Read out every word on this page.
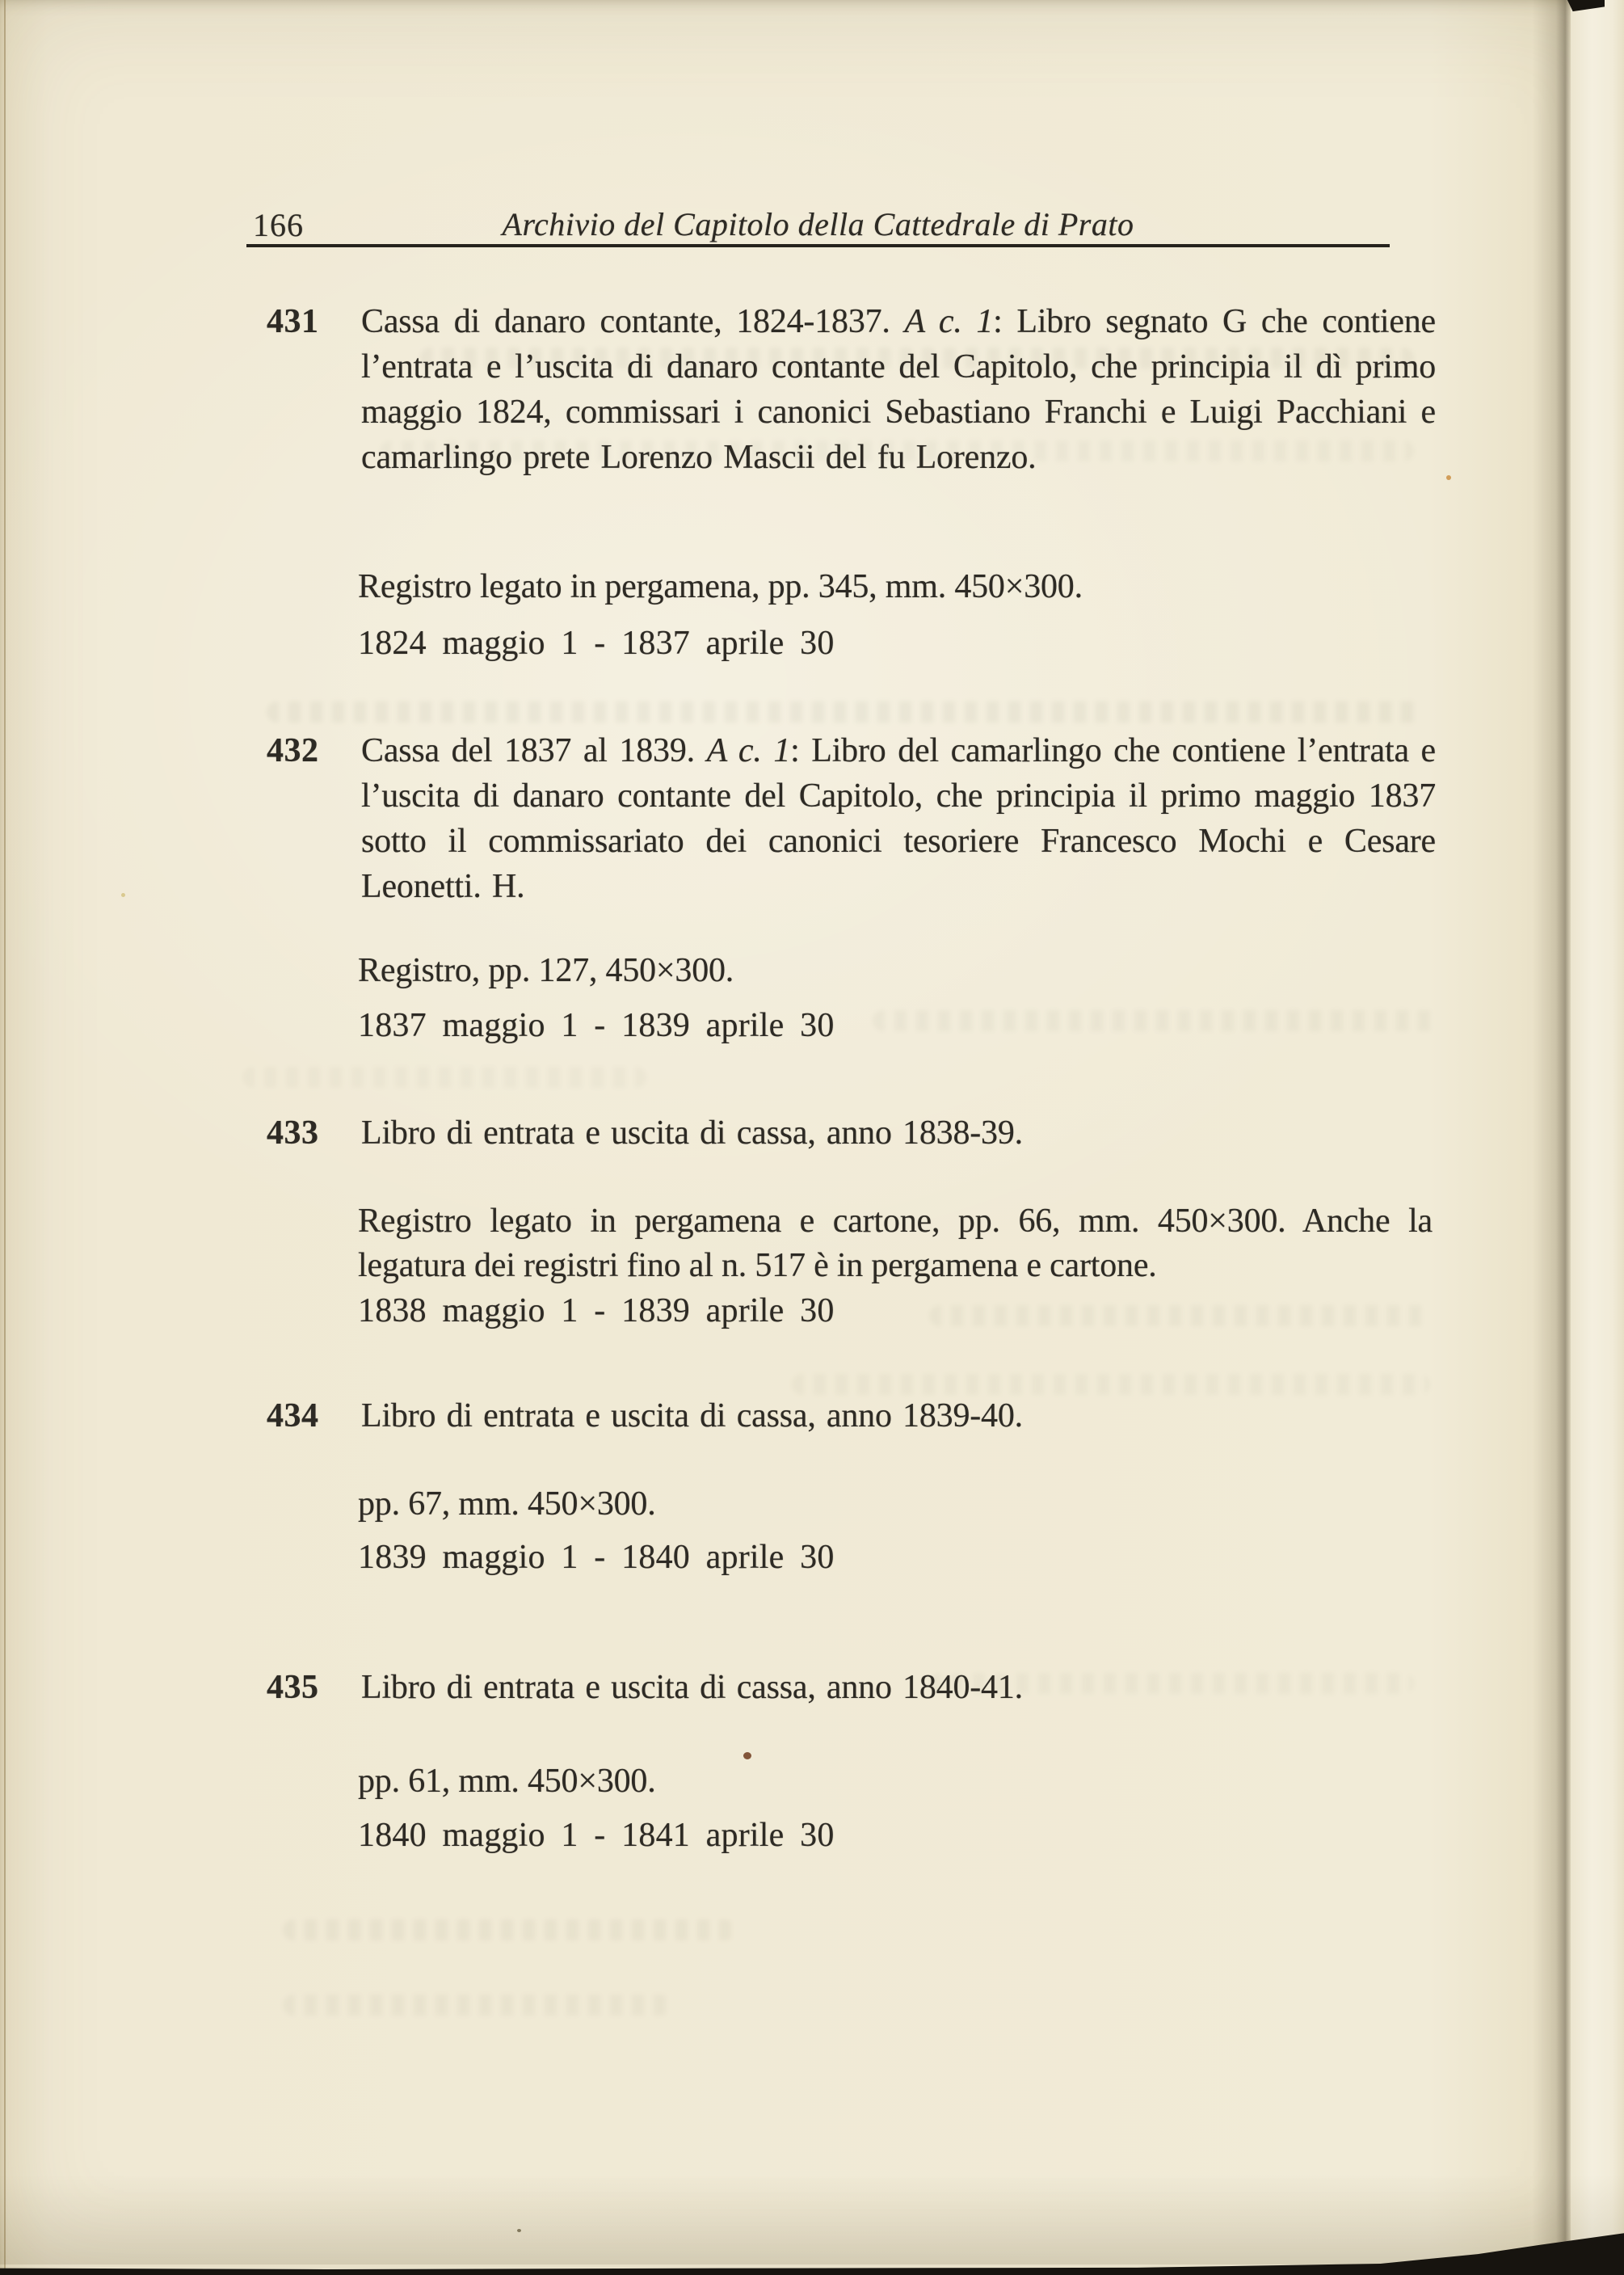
166	Archivio del Capitolo della Cattedrale di Prato
431	Cassa di danaro contante, 1824-1837. A c. 1: Libro segnato G che contiene l’entrata e l’uscita di danaro contante del Capitolo, che principia il dì primo maggio 1824, commissari i canonici Sebastiano Franchi e Luigi Pacchiani e camarlingo prete Lorenzo Mascii del fu Lorenzo.
Registro legato in pergamena, pp. 345, mm. 450×300.
1824 maggio 1 - 1837 aprile 30
432	Cassa del 1837 al 1839. A c. 1: Libro del camarlingo che contiene l’entrata e l’uscita di danaro contante del Capitolo, che principia il primo maggio 1837 sotto il commissariato dei canonici tesoriere Francesco Mochi e Cesare Leonetti. H.
Registro, pp. 127, 450×300.
1837 maggio 1 - 1839 aprile 30
433	Libro di entrata e uscita di cassa, anno 1838-39.
Registro legato in pergamena e cartone, pp. 66, mm. 450×300. Anche la legatura dei registri fino al n. 517 è in pergamena e cartone.
1838 maggio 1 - 1839 aprile 30
434	Libro di entrata e uscita di cassa, anno 1839-40.
pp. 67, mm. 450×300.
1839 maggio 1 - 1840 aprile 30
435	Libro di entrata e uscita di cassa, anno 1840-41.
pp. 61, mm. 450×300.
1840 maggio 1 - 1841 aprile 30
